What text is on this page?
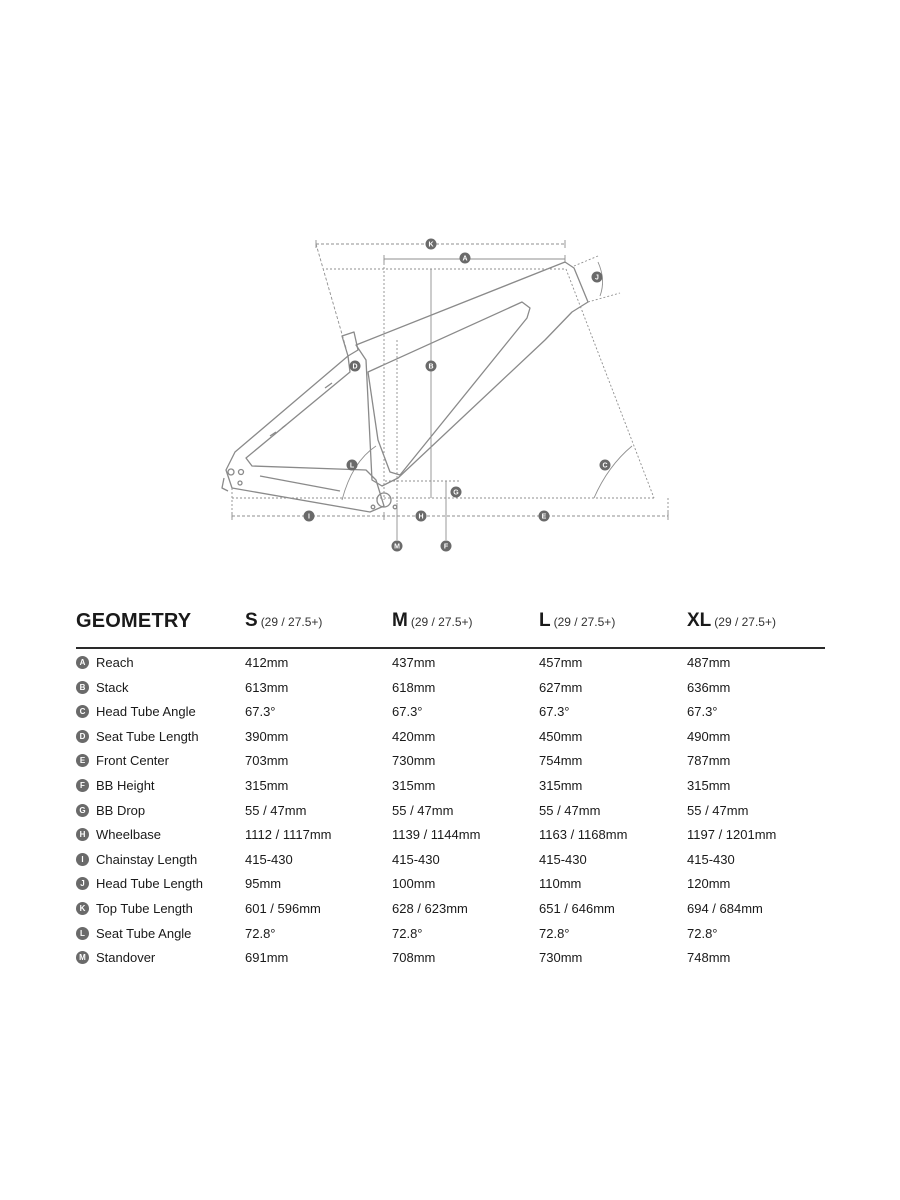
K
A
J
B
D
C
L
G
I	H	E
M	F
GEOMETRY	S (29 / 27.5+)	M (29 / 27.5+)	L (29 / 27.5+)	XL (29 / 27.5+)
A Reach	412mm	437mm	457mm	487mm
B Stack	613mm	618mm	627mm	636mm
C Head Tube Angle	67.3°	67.3°	67.3°	67.3°
D Seat Tube Length	390mm	420mm	450mm	490mm
E Front Center	703mm	730mm	754mm	787mm
F BB Height	315mm	315mm	315mm	315mm
G BB Drop	55 / 47mm	55 / 47mm	55 / 47mm	55 / 47mm
H Wheelbase	1112 / 1117mm	1139 / 1144mm	1163 / 1168mm	1197 / 1201mm
I Chainstay Length	415-430	415-430	415-430	415-430
J Head Tube Length	95mm	100mm	110mm	120mm
K Top Tube Length	601 / 596mm	628 / 623mm	651 / 646mm	694 / 684mm
L Seat Tube Angle	72.8°	72.8°	72.8°	72.8°
M Standover	691mm	708mm	730mm	748mm
